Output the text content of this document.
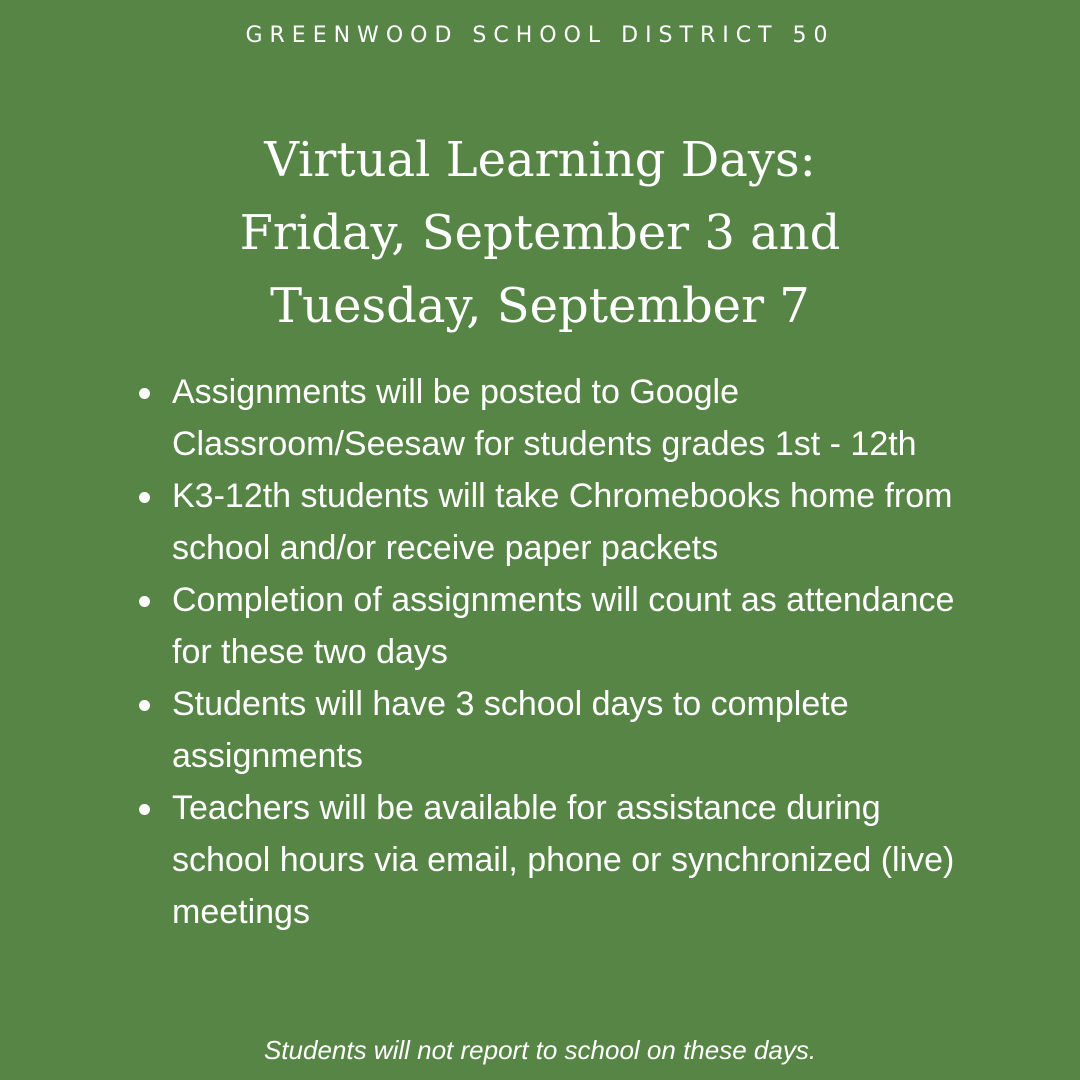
GREENWOOD SCHOOL DISTRICT 50
Virtual Learning Days:
Friday, September 3 and
Tuesday, September 7
Assignments will be posted to Google Classroom/Seesaw for students grades 1st - 12th
K3-12th students will take Chromebooks home from school and/or receive paper packets
Completion of assignments will count as attendance for these two days
Students will have 3 school days to complete assignments
Teachers will be available for assistance during school hours via email, phone or synchronized (live) meetings
Students will not report to school on these days.
